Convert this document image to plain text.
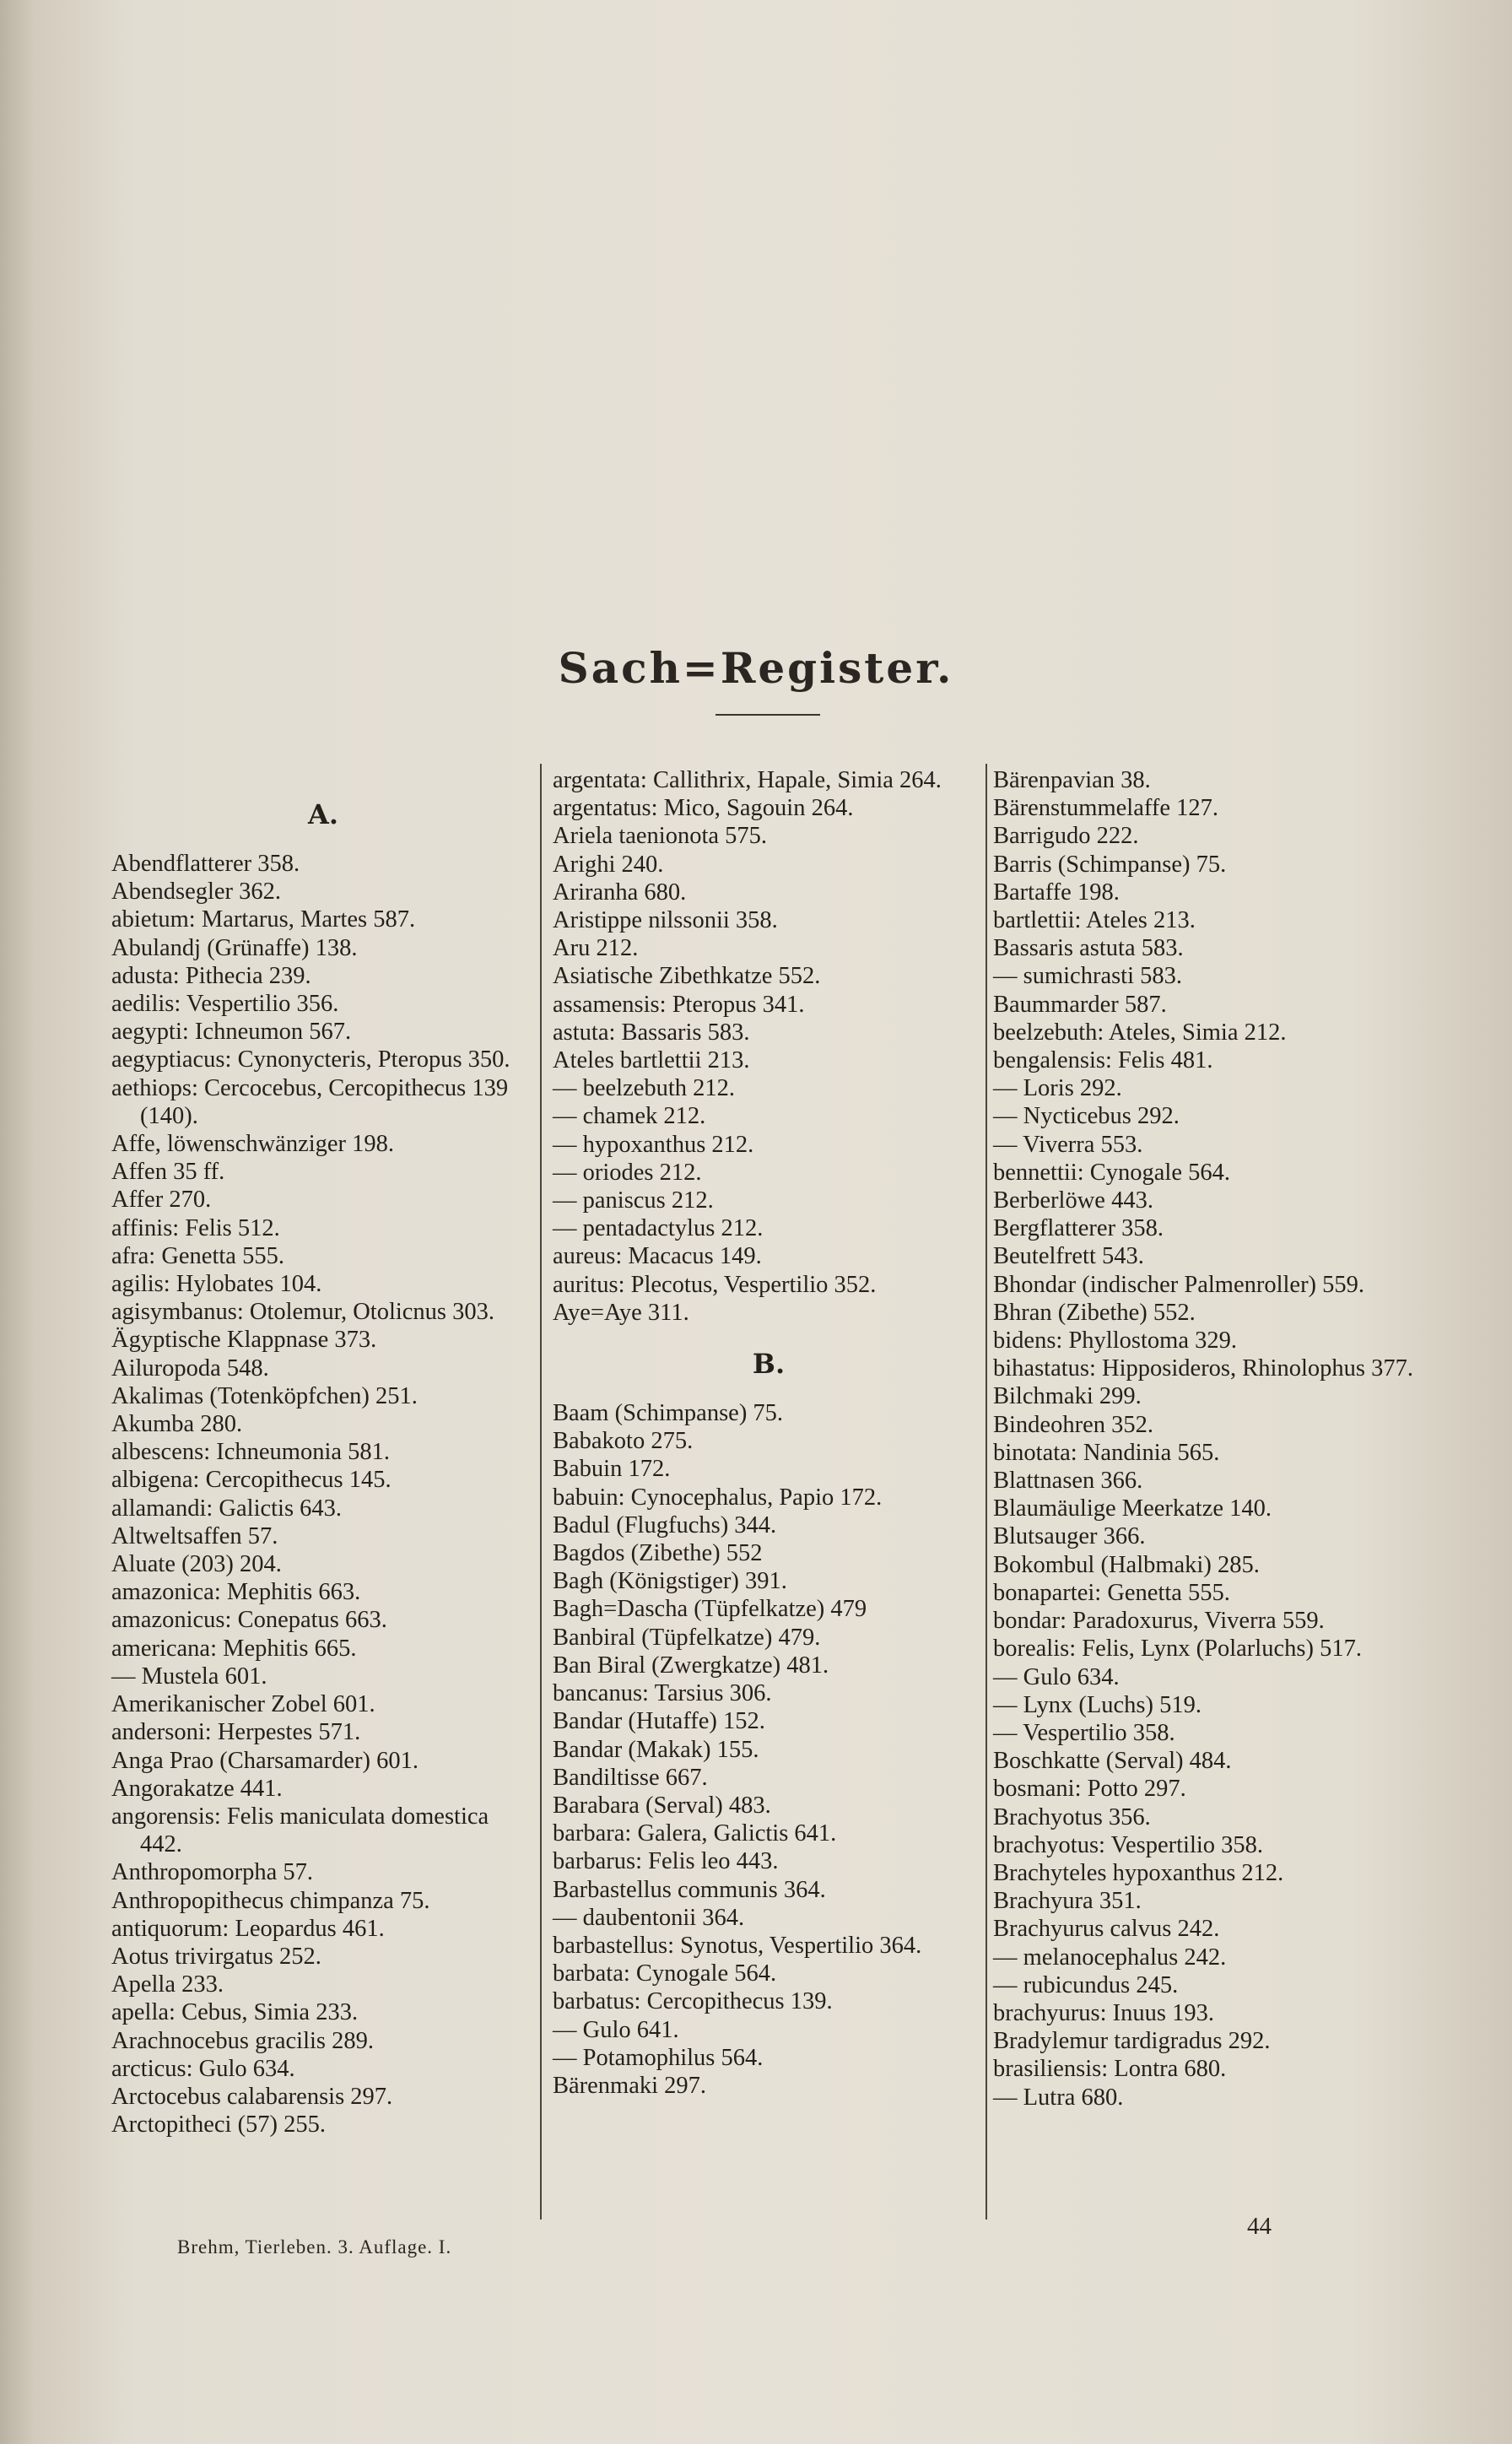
Sach=Register.
A.
Abendflatterer 358.
Abendsegler 362.
abietum: Martarus, Martes 587.
Abulandj (Grünaffe) 138.
adusta: Pithecia 239.
aedilis: Vespertilio 356.
aegypti: Ichneumon 567.
aegyptiacus: Cynonycteris, Pteropus 350.
aethiops: Cercocebus, Cercopithecus 139 (140).
Affe, löwenschwänziger 198.
Affen 35 ff.
Affer 270.
affinis: Felis 512.
afra: Genetta 555.
agilis: Hylobates 104.
agisymbanus: Otolemur, Otolicnus 303.
Ägyptische Klappnase 373.
Ailuropoda 548.
Akalimas (Totenköpfchen) 251.
Akumba 280.
albescens: Ichneumonia 581.
albigena: Cercopithecus 145.
allamandi: Galictis 643.
Altweltsaffen 57.
Aluate (203) 204.
amazonica: Mephitis 663.
amazonicus: Conepatus 663.
americana: Mephitis 665.
— Mustela 601.
Amerikanischer Zobel 601.
andersoni: Herpestes 571.
Anga Prao (Charsamarder) 601.
Angorakatze 441.
angorensis: Felis maniculata domestica 442.
Anthropomorpha 57.
Anthropopithecus chimpanza 75.
antiquorum: Leopardus 461.
Aotus trivirgatus 252.
Apella 233.
apella: Cebus, Simia 233.
Arachnocebus gracilis 289.
arcticus: Gulo 634.
Arctocebus calabarensis 297.
Arctopitheci (57) 255.
argentata: Callithrix, Hapale, Simia 264.
argentatus: Mico, Sagouin 264.
Ariela taenionota 575.
Arighi 240.
Ariranha 680.
Aristippe nilssonii 358.
Aru 212.
Asiatische Zibethkatze 552.
assamensis: Pteropus 341.
astuta: Bassaris 583.
Ateles bartlettii 213.
— beelzebuth 212.
— chamek 212.
— hypoxanthus 212.
— oriodes 212.
— paniscus 212.
— pentadactylus 212.
aureus: Macacus 149.
auritus: Plecotus, Vespertilio 352.
Aye=Aye 311.
B.
Baam (Schimpanse) 75.
Babakoto 275.
Babuin 172.
babuin: Cynocephalus, Papio 172.
Badul (Flugfuchs) 344.
Bagdos (Zibethe) 552
Bagh (Königstiger) 391.
Bagh=Dascha (Tüpfelkatze) 479
Banbiral (Tüpfelkatze) 479.
Ban Biral (Zwergkatze) 481.
bancanus: Tarsius 306.
Bandar (Hutaffe) 152.
Bandar (Makak) 155.
Bandiltisse 667.
Barabara (Serval) 483.
barbara: Galera, Galictis 641.
barbarus: Felis leo 443.
Barbastellus communis 364.
— daubentonii 364.
barbastellus: Synotus, Vespertilio 364.
barbata: Cynogale 564.
barbatus: Cercopithecus 139.
— Gulo 641.
— Potamophilus 564.
Bärenmaki 297.
Bärenpavian 38.
Bärenstummelaffe 127.
Barrigudo 222.
Barris (Schimpanse) 75.
Bartaffe 198.
bartlettii: Ateles 213.
Bassaris astuta 583.
— sumichrasti 583.
Baummarder 587.
beelzebuth: Ateles, Simia 212.
bengalensis: Felis 481.
— Loris 292.
— Nycticebus 292.
— Viverra 553.
bennettii: Cynogale 564.
Berberlöwe 443.
Bergflatterer 358.
Beutelfrett 543.
Bhondar (indischer Palmenroller) 559.
Bhran (Zibethe) 552.
bidens: Phyllostoma 329.
bihastatus: Hipposideros, Rhinolophus 377.
Bilchmaki 299.
Bindeohren 352.
binotata: Nandinia 565.
Blattnasen 366.
Blaumäulige Meerkatze 140.
Blutsauger 366.
Bokombul (Halbmaki) 285.
bonapartei: Genetta 555.
bondar: Paradoxurus, Viverra 559.
borealis: Felis, Lynx (Polarluchs) 517.
— Gulo 634.
— Lynx (Luchs) 519.
— Vespertilio 358.
Boschkatte (Serval) 484.
bosmani: Potto 297.
Brachyotus 356.
brachyotus: Vespertilio 358.
Brachyteles hypoxanthus 212.
Brachyura 351.
Brachyurus calvus 242.
— melanocephalus 242.
— rubicundus 245.
brachyurus: Inuus 193.
Bradylemur tardigradus 292.
brasiliensis: Lontra 680.
— Lutra 680.
Brehm, Tierleben. 3. Auflage. I.
44
